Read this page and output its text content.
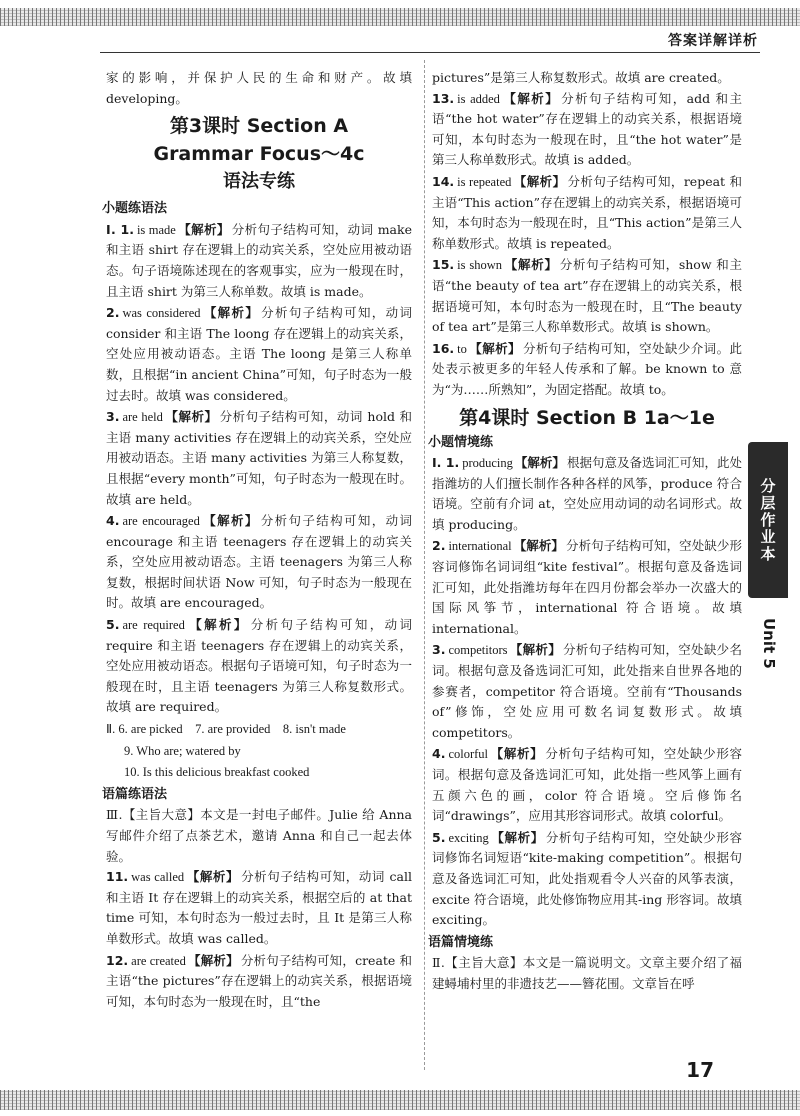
答案详解详析

家的影响，并保护人民的生命和财产。故填 developing。

第3课时 Section A
Grammar Focus～4c
语法专练
小题练语法
Ⅰ. 1. is made 【解析】 分析句子结构可知，动词 make 和主语 shirt 存在逻辑上的动宾关系，空处应用被动语态。句子语境陈述现在的客观事实，应为一般现在时，且主语 shirt 为第三人称单数。故填 is made。
2. was considered 【解析】 分析句子结构可知，动词 consider 和主语 The loong 存在逻辑上的动宾关系，空处应用被动语态。主语 The loong 是第三人称单数，且根据“in ancient China”可知，句子时态为一般过去时。故填 was considered。
3. are held 【解析】 分析句子结构可知，动词 hold 和主语 many activities 存在逻辑上的动宾关系，空处应用被动语态。主语 many activities 为第三人称复数，且根据“every month”可知，句子时态为一般现在时。故填 are held。
4. are encouraged 【解析】 分析句子结构可知，动词 encourage 和主语 teenagers 存在逻辑上的动宾关系，空处应用被动语态。主语 teenagers 为第三人称复数，根据时间状语 Now 可知，句子时态为一般现在时。故填 are encouraged。
5. are required 【解析】 分析句子结构可知，动词 require 和主语 teenagers 存在逻辑上的动宾关系，空处应用被动语态。根据句子语境可知，句子时态为一般现在时，且主语 teenagers 为第三人称复数形式。故填 are required。
Ⅱ. 6. are picked　7. are provided　8. isn't made
9. Who are; watered by
10. Is this delicious breakfast cooked
语篇练语法

Ⅲ.【主旨大意】本文是一封电子邮件。Julie 给 Anna 写邮件介绍了点茶艺术，邀请 Anna 和自己一起去体验。

11. was called 【解析】 分析句子结构可知，动词 call 和主语 It 存在逻辑上的动宾关系，根据空后的 at that time 可知，本句时态为一般过去时，且 It 是第三人称单数形式。故填 was called。
12. are created 【解析】 分析句子结构可知，create 和主语“the pictures”存在逻辑上的动宾关系，根据语境可知，本句时态为一般现在时，且“the

pictures”是第三人称复数形式。故填 are created。

13. is added 【解析】 分析句子结构可知，add 和主语“the hot water”存在逻辑上的动宾关系，根据语境可知，本句时态为一般现在时，且“the hot water”是第三人称单数形式。故填 is added。
14. is repeated 【解析】 分析句子结构可知，repeat 和主语“This action”存在逻辑上的动宾关系，根据语境可知，本句时态为一般现在时，且“This action”是第三人称单数形式。故填 is repeated。
15. is shown 【解析】 分析句子结构可知，show 和主语“the beauty of tea art”存在逻辑上的动宾关系，根据语境可知，本句时态为一般现在时，且“The beauty of tea art”是第三人称单数形式。故填 is shown。
16. to 【解析】 分析句子结构可知，空处缺少介词。此处表示被更多的年轻人传承和了解。be known to 意为“为……所熟知”，为固定搭配。故填 to。
第4课时 Section B 1a～1e
小题情境练
Ⅰ. 1. producing 【解析】 根据句意及备选词汇可知，此处指潍坊的人们擅长制作各种各样的风筝，produce 符合语境。空前有介词 at，空处应用动词的动名词形式。故填 producing。
2. international 【解析】 分析句子结构可知，空处缺少形容词修饰名词词组“kite festival”。根据句意及备选词汇可知，此处指潍坊每年在四月份都会举办一次盛大的国际风筝节，international 符合语境。故填 international。
3. competitors 【解析】 分析句子结构可知，空处缺少名词。根据句意及备选词汇可知，此处指来自世界各地的参赛者，competitor 符合语境。空前有“Thousands of”修饰，空处应用可数名词复数形式。故填 competitors。
4. colorful 【解析】 分析句子结构可知，空处缺少形容词。根据句意及备选词汇可知，此处指一些风筝上画有五颜六色的画，color 符合语境。空后修饰名词“drawings”，应用其形容词形式。故填 colorful。
5. exciting 【解析】 分析句子结构可知，空处缺少形容词修饰名词短语“kite-making competition”。根据句意及备选词汇可知，此处指观看令人兴奋的风筝表演，excite 符合语境，此处修饰物应用其-ing 形容词。故填 exciting。
语篇情境练

Ⅱ.【主旨大意】本文是一篇说明文。文章主要介绍了福建蟳埔村里的非遗技艺——簪花围。文章旨在呼

分层作业本
Unit 5
17
